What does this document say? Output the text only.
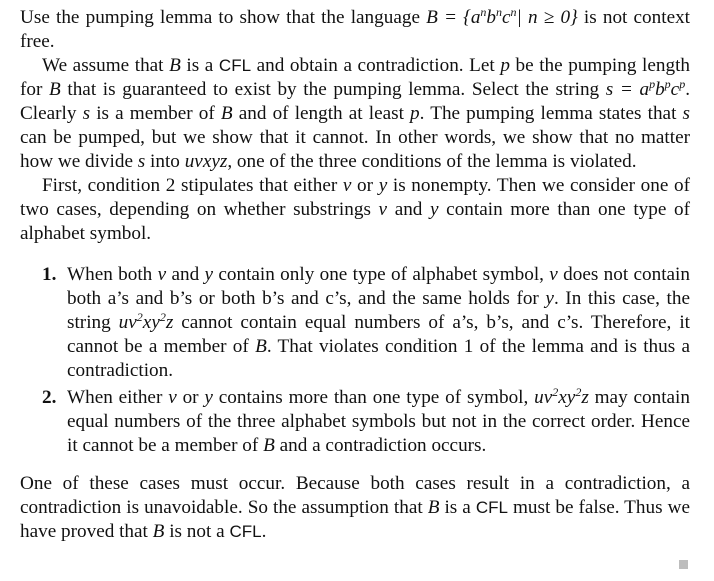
Use the pumping lemma to show that the language $B = \{a^nb^nc^n|$ n ≥ 0} is not context free.

We assume that B is a CFL and obtain a contradiction. Let p be the pumping length for B that is guaranteed to exist by the pumping lemma. Select the string $s = a^pb^pc^p$. Clearly s is a member of B and of length at least p. The pumping lemma states that s can be pumped, but we show that it cannot. In other words, we show that no matter how we divide s into uvxyz, one of the three conditions of the lemma is violated.

First, condition 2 stipulates that either v or y is nonempty. Then we consider one of two cases, depending on whether substrings v and y contain more than one type of alphabet symbol.

1. When both v and y contain only one type of alphabet symbol, v does not contain both a’s and b’s or both b’s and c’s, and the same holds for y. In this case, the string $uv^2xy^2z$ cannot contain equal numbers of a’s, b’s, and c’s. Therefore, it cannot be a member of B. That violates condition 1 of the lemma and is thus a contradiction.
2. When either v or y contains more than one type of symbol, $uv^2xy^2z$ may contain equal numbers of the three alphabet symbols but not in the correct order. Hence it cannot be a member of B and a contradiction occurs.

One of these cases must occur. Because both cases result in a contradiction, a contradiction is unavoidable. So the assumption that B is a CFL must be false. Thus we have proved that B is not a CFL.
